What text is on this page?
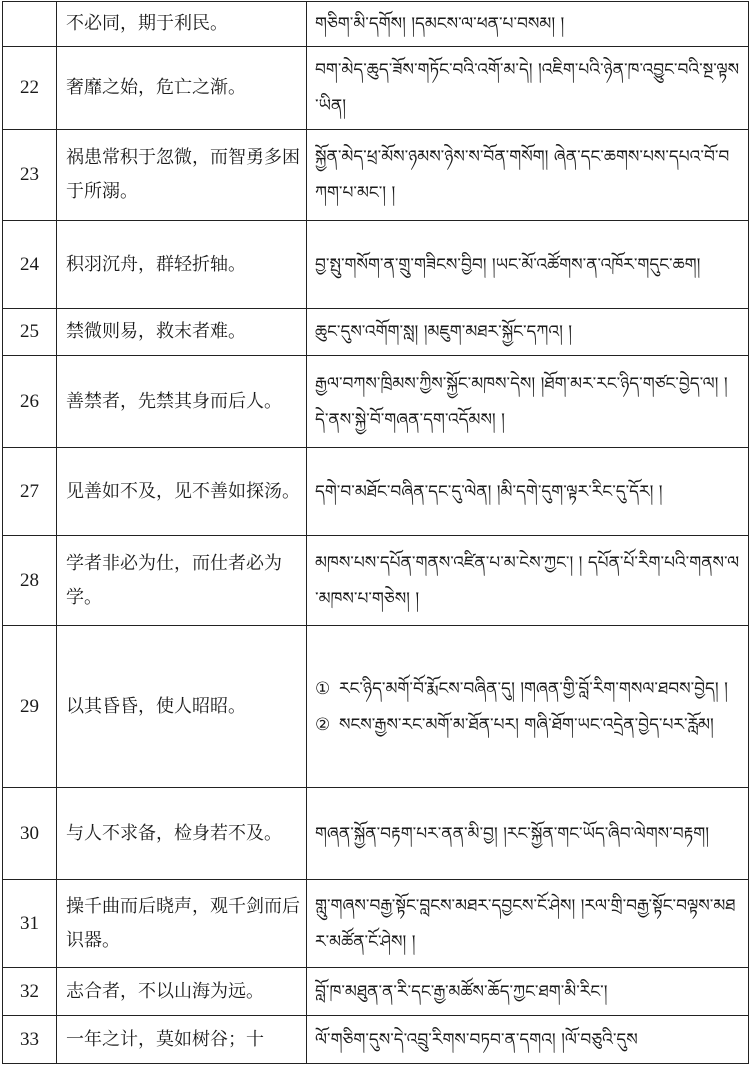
	不必同，期于利民。	གཅིག་མི་དགོས། །དམངས་ལ་ཕན་པ་བསམ། །

22	奢靡之始，危亡之渐。	བག་མེད་ཆུད་ཟོས་གཏོང་བའི་འགོ་མ་དེ། །འཇིག་པའི་ཉེན་ཁ་འབྱུང་བའི་སྔ་ལྟས་ཡིན།

23	祸患常积于忽微，而智勇多困于所溺。	སྐྱོན་མེད་ཕྲ་མོས་ཉམས་ཉེས་ས་བོན་གསོག། ཞེན་དང་ཆགས་པས་དཔའ་བོ་བཀག་པ་མང་། །

24	积羽沉舟，群轻折轴。	བྱ་སྤུ་གསོག་ན་གྲུ་གཟིངས་བྱིབ། །ཡང་མོ་འཚོགས་ན་འཁོར་གདུང་ཆག།

25	禁微则易，救末者难。	ཆུང་དུས་འགོག་སླ། །མཇུག་མཐར་སྐྱོང་དཀའ། །

26	善禁者，先禁其身而后人。	རྒྱལ་བཀས་ཁྲིམས་ཀྱིས་སྐྱོང་མཁས་དེས། །ཐོག་མར་རང་ཉིད་གཙང་བྱེད་ལ། །དེ་ནས་སྐྱེ་བོ་གཞན་དག་འདོམས། །

27	见善如不及，见不善如探汤。	དགེ་བ་མཐོང་བཞིན་དང་དུ་ལེན། །མི་དགེ་དུག་ལྟར་རིང་དུ་དོར། །

28	学者非必为仕，而仕者必为学。	མཁས་པས་དཔོན་གནས་འཛིན་པ་མ་ངེས་ཀྱང་། ། དཔོན་པོ་རིག་པའི་གནས་ལ་མཁས་པ་གཅེས། །

29	以其昏昏，使人昭昭。	① རང་ཉིད་མགོ་བོ་རྨོངས་བཞིན་དུ། །གཞན་གྱི་བློ་རིག་གསལ་ཐབས་བྱེད། །
② སངས་རྒྱས་རང་མགོ་མ་ཐོན་པར། གཞི་ཐོག་ཡང་འདྲེན་བྱེད་པར་རློམ།

30	与人不求备，检身若不及。	གཞན་སྐྱོན་བརྟག་པར་ནན་མི་བྱ། །རང་སྐྱོན་གང་ཡོད་ཞིབ་ལེགས་བརྟག།

31	操千曲而后晓声，观千剑而后识器。	གླུ་གཞས་བརྒྱ་སྟོང་བླངས་མཐར་དབྱངས་ངོ་ཤེས། །རལ་གྲི་བརྒྱ་སྟོང་བལྟས་མཐར་མཚོན་ངོ་ཤེས། །

32	志合者，不以山海为远。	བློ་ཁ་མཐུན་ན་རི་དང་རྒྱ་མཚོས་ཆོད་ཀྱང་ཐག་མི་རིང་།

33	一年之计，莫如树谷；十	ལོ་གཅིག་དུས་དེ་འབྲུ་རིགས་བཏབ་ན་དགའ། །ལོ་བཅུའི་དུས
